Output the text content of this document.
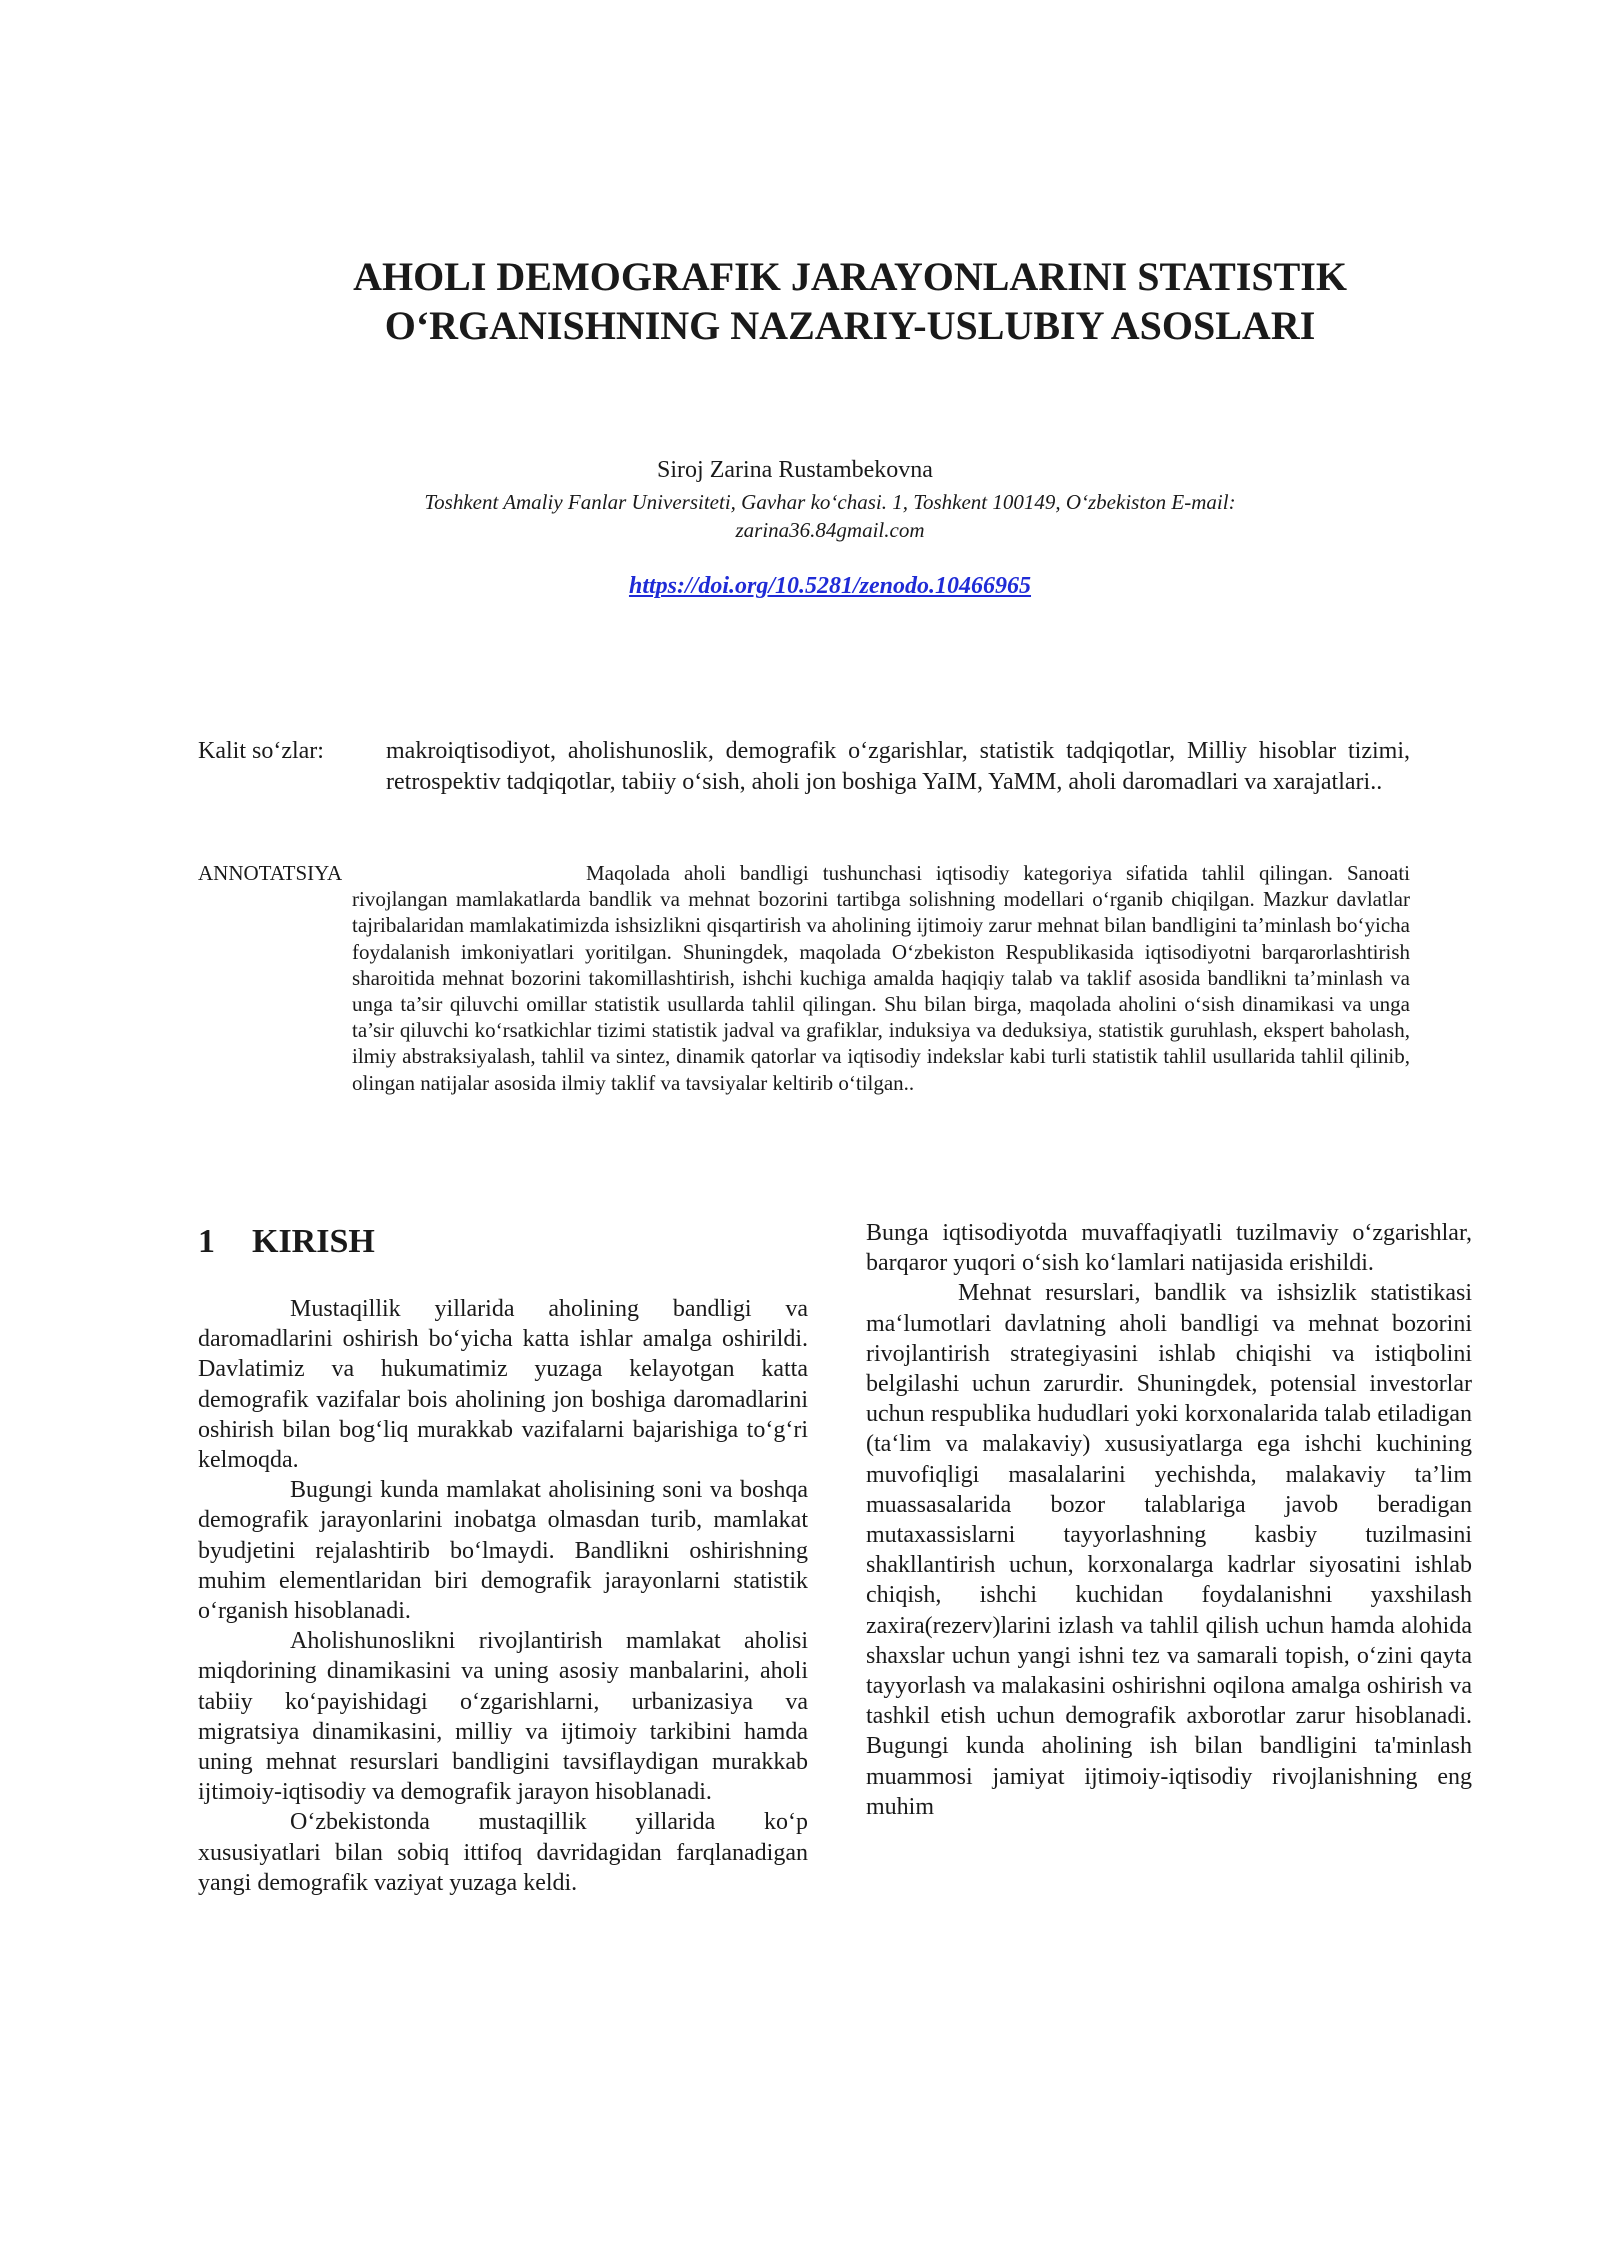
AHOLI DEMOGRAFIK JARAYONLARINI STATISTIK
O‘RGANISHNING NAZARIY-USLUBIY ASOSLARI
Siroj Zarina Rustambekovna
Toshkent Amaliy Fanlar Universiteti, Gavhar ko‘chasi. 1, Toshkent 100149, O‘zbekiston E-mail: zarina36.84gmail.com
https://doi.org/10.5281/zenodo.10466965
Kalit so‘zlar:	makroiqtisodiyot, aholishunoslik, demografik o‘zgarishlar, statistik tadqiqotlar, Milliy hisoblar tizimi, retrospektiv tadqiqotlar, tabiiy o‘sish, aholi jon boshiga YaIM, YaMM, aholi daromadlari va xarajatlari..
ANNOTATSIYA	Maqolada aholi bandligi tushunchasi iqtisodiy kategoriya sifatida tahlil qilingan. Sanoati rivojlangan mamlakatlarda bandlik va mehnat bozorini tartibga solishning modellari o‘rganib chiqilgan. Mazkur davlatlar tajribalaridan mamlakatimizda ishsizlikni qisqartirish va aholining ijtimoiy zarur mehnat bilan bandligini ta’minlash bo‘yicha foydalanish imkoniyatlari yoritilgan. Shuningdek, maqolada O‘zbekiston Respublikasida iqtisodiyotni barqarorlashtirish sharoitida mehnat bozorini takomillashtirish, ishchi kuchiga amalda haqiqiy talab va taklif asosida bandlikni ta’minlash va unga ta’sir qiluvchi omillar statistik usullarda tahlil qilingan. Shu bilan birga, maqolada aholini o‘sish dinamikasi va unga ta’sir qiluvchi ko‘rsatkichlar tizimi statistik jadval va grafiklar, induksiya va deduksiya, statistik guruhlash, ekspert baholash, ilmiy abstraksiyalash, tahlil va sintez, dinamik qatorlar va iqtisodiy indekslar kabi turli statistik tahlil usullarida tahlil qilinib, olingan natijalar asosida ilmiy taklif va tavsiyalar keltirib o‘tilgan..
1 KIRISH

Mustaqillik yillarida aholining bandligi va daromadlarini oshirish bo‘yicha katta ishlar amalga oshirildi. Davlatimiz va hukumatimiz yuzaga kelayotgan katta demografik vazifalar bois aholining jon boshiga daromadlarini oshirish bilan bog‘liq murakkab vazifalarni bajarishiga to‘g‘ri kelmoqda.

Bugungi kunda mamlakat aholisining soni va boshqa demografik jarayonlarini inobatga olmasdan turib, mamlakat byudjetini rejalashtirib bo‘lmaydi. Bandlikni oshirishning muhim elementlaridan biri demografik jarayonlarni statistik o‘rganish hisoblanadi.

Aholishunoslikni rivojlantirish mamlakat aholisi miqdorining dinamikasini va uning asosiy manbalarini, aholi tabiiy ko‘payishidagi o‘zgarishlarni, urbanizasiya va migratsiya dinamikasini, milliy va ijtimoiy tarkibini hamda uning mehnat resurslari bandligini tavsiflaydigan murakkab ijtimoiy-iqtisodiy va demografik jarayon hisoblanadi.

O‘zbekistonda mustaqillik yillarida ko‘p xususiyatlari bilan sobiq ittifoq davridagidan farqlanadigan yangi demografik vaziyat yuzaga keldi.

Bunga iqtisodiyotda muvaffaqiyatli tuzilmaviy o‘zgarishlar, barqaror yuqori o‘sish ko‘lamlari natijasida erishildi.

Mehnat resurslari, bandlik va ishsizlik statistikasi ma‘lumotlari davlatning aholi bandligi va mehnat bozorini rivojlantirish strategiyasini ishlab chiqishi va istiqbolini belgilashi uchun zarurdir. Shuningdek, potensial investorlar uchun respublika hududlari yoki korxonalarida talab etiladigan (ta‘lim va malakaviy) xususiyatlarga ega ishchi kuchining muvofiqligi masalalarini yechishda, malakaviy ta’lim muassasalarida bozor talablariga javob beradigan mutaxassislarni tayyorlashning kasbiy tuzilmasini shakllantirish uchun, korxonalarga kadrlar siyosatini ishlab chiqish, ishchi kuchidan foydalanishni yaxshilash zaxira(rezerv)larini izlash va tahlil qilish uchun hamda alohida shaxslar uchun yangi ishni tez va samarali topish, o‘zini qayta tayyorlash va malakasini oshirishni oqilona amalga oshirish va tashkil etish uchun demografik axborotlar zarur hisoblanadi. Bugungi kunda aholining ish bilan bandligini ta'minlash muammosi jamiyat ijtimoiy-iqtisodiy rivojlanishning eng muhim
